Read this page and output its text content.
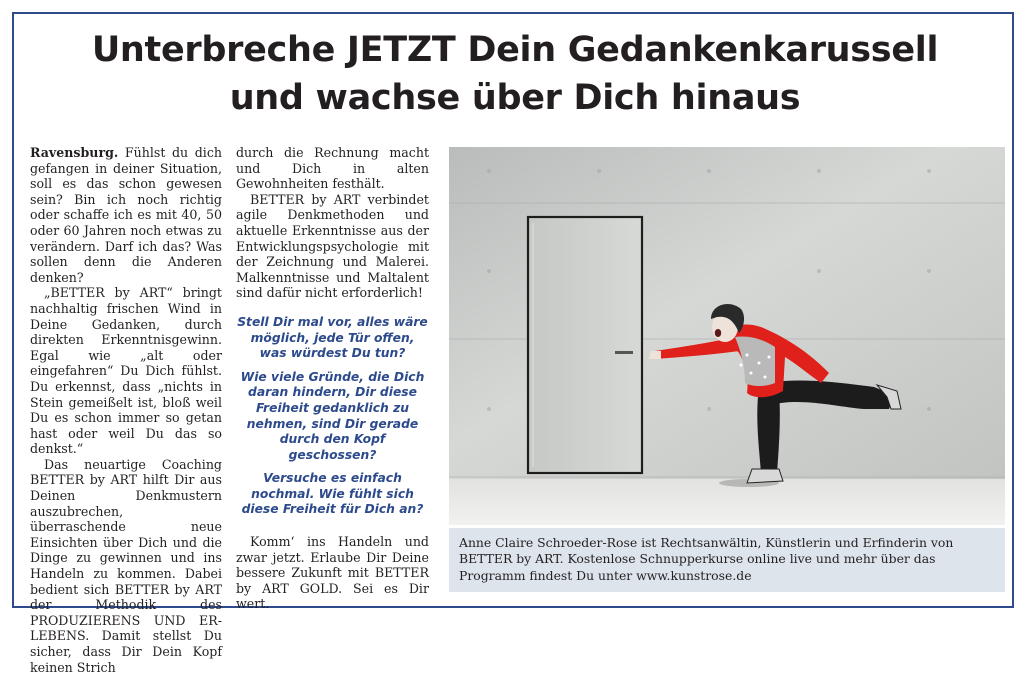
Unterbreche JETZT Dein Gedankenkarussell
und wachse über Dich hinaus

Ravensburg. Fühlst du dich gefangen in deiner Situation, soll es das schon gewesen sein? Bin ich noch richtig oder schaffe ich es mit 40, 50 oder 60 Jahren noch etwas zu verändern. Darf ich das? Was sollen denn die Anderen denken?

„BETTER by ART“ bringt nachhaltig frischen Wind in Deine Gedanken, durch direkten Erkenntnisgewinn. Egal wie „alt oder eingefahren“ Du Dich fühlst. Du erkennst, dass „nichts in Stein gemeißelt ist, bloß weil Du es schon immer so getan hast oder weil Du das so denkst.“

Das neuartige Coaching BETTER by ART hilft Dir aus Deinen Denkmustern auszubrechen, überraschende neue Einsichten über Dich und die Dinge zu gewinnen und ins Handeln zu kommen. Dabei bedient sich BETTER by ART der Methodik des PRODUZIERENS UND ERLEBENS. Damit stellst Du sicher, dass Dir Dein Kopf keinen Strich

durch die Rechnung macht und Dich in alten Gewohnheiten festhält.

BETTER by ART verbindet agile Denkmethoden und aktuelle Erkenntnisse aus der Entwicklungspsychologie mit der Zeichnung und Malerei. Malkenntnisse und Maltalent sind dafür nicht erforderlich!

Stell Dir mal vor, alles wäre möglich, jede Tür offen, was würdest Du tun?

Wie viele Gründe, die Dich daran hindern, Dir diese Freiheit gedanklich zu nehmen, sind Dir gerade durch den Kopf geschossen?

Versuche es einfach nochmal. Wie fühlt sich diese Freiheit für Dich an?

Komm‘ ins Handeln und zwar jetzt. Erlaube Dir Deine bessere Zukunft mit BETTER by ART GOLD. Sei es Dir wert.

Anne Claire Schroeder-Rose ist Rechtsanwältin, Künstlerin und Erfinderin von BETTER by ART. Kostenlose Schnupperkurse online live und mehr über das Programm findest Du unter www.kunstrose.de
